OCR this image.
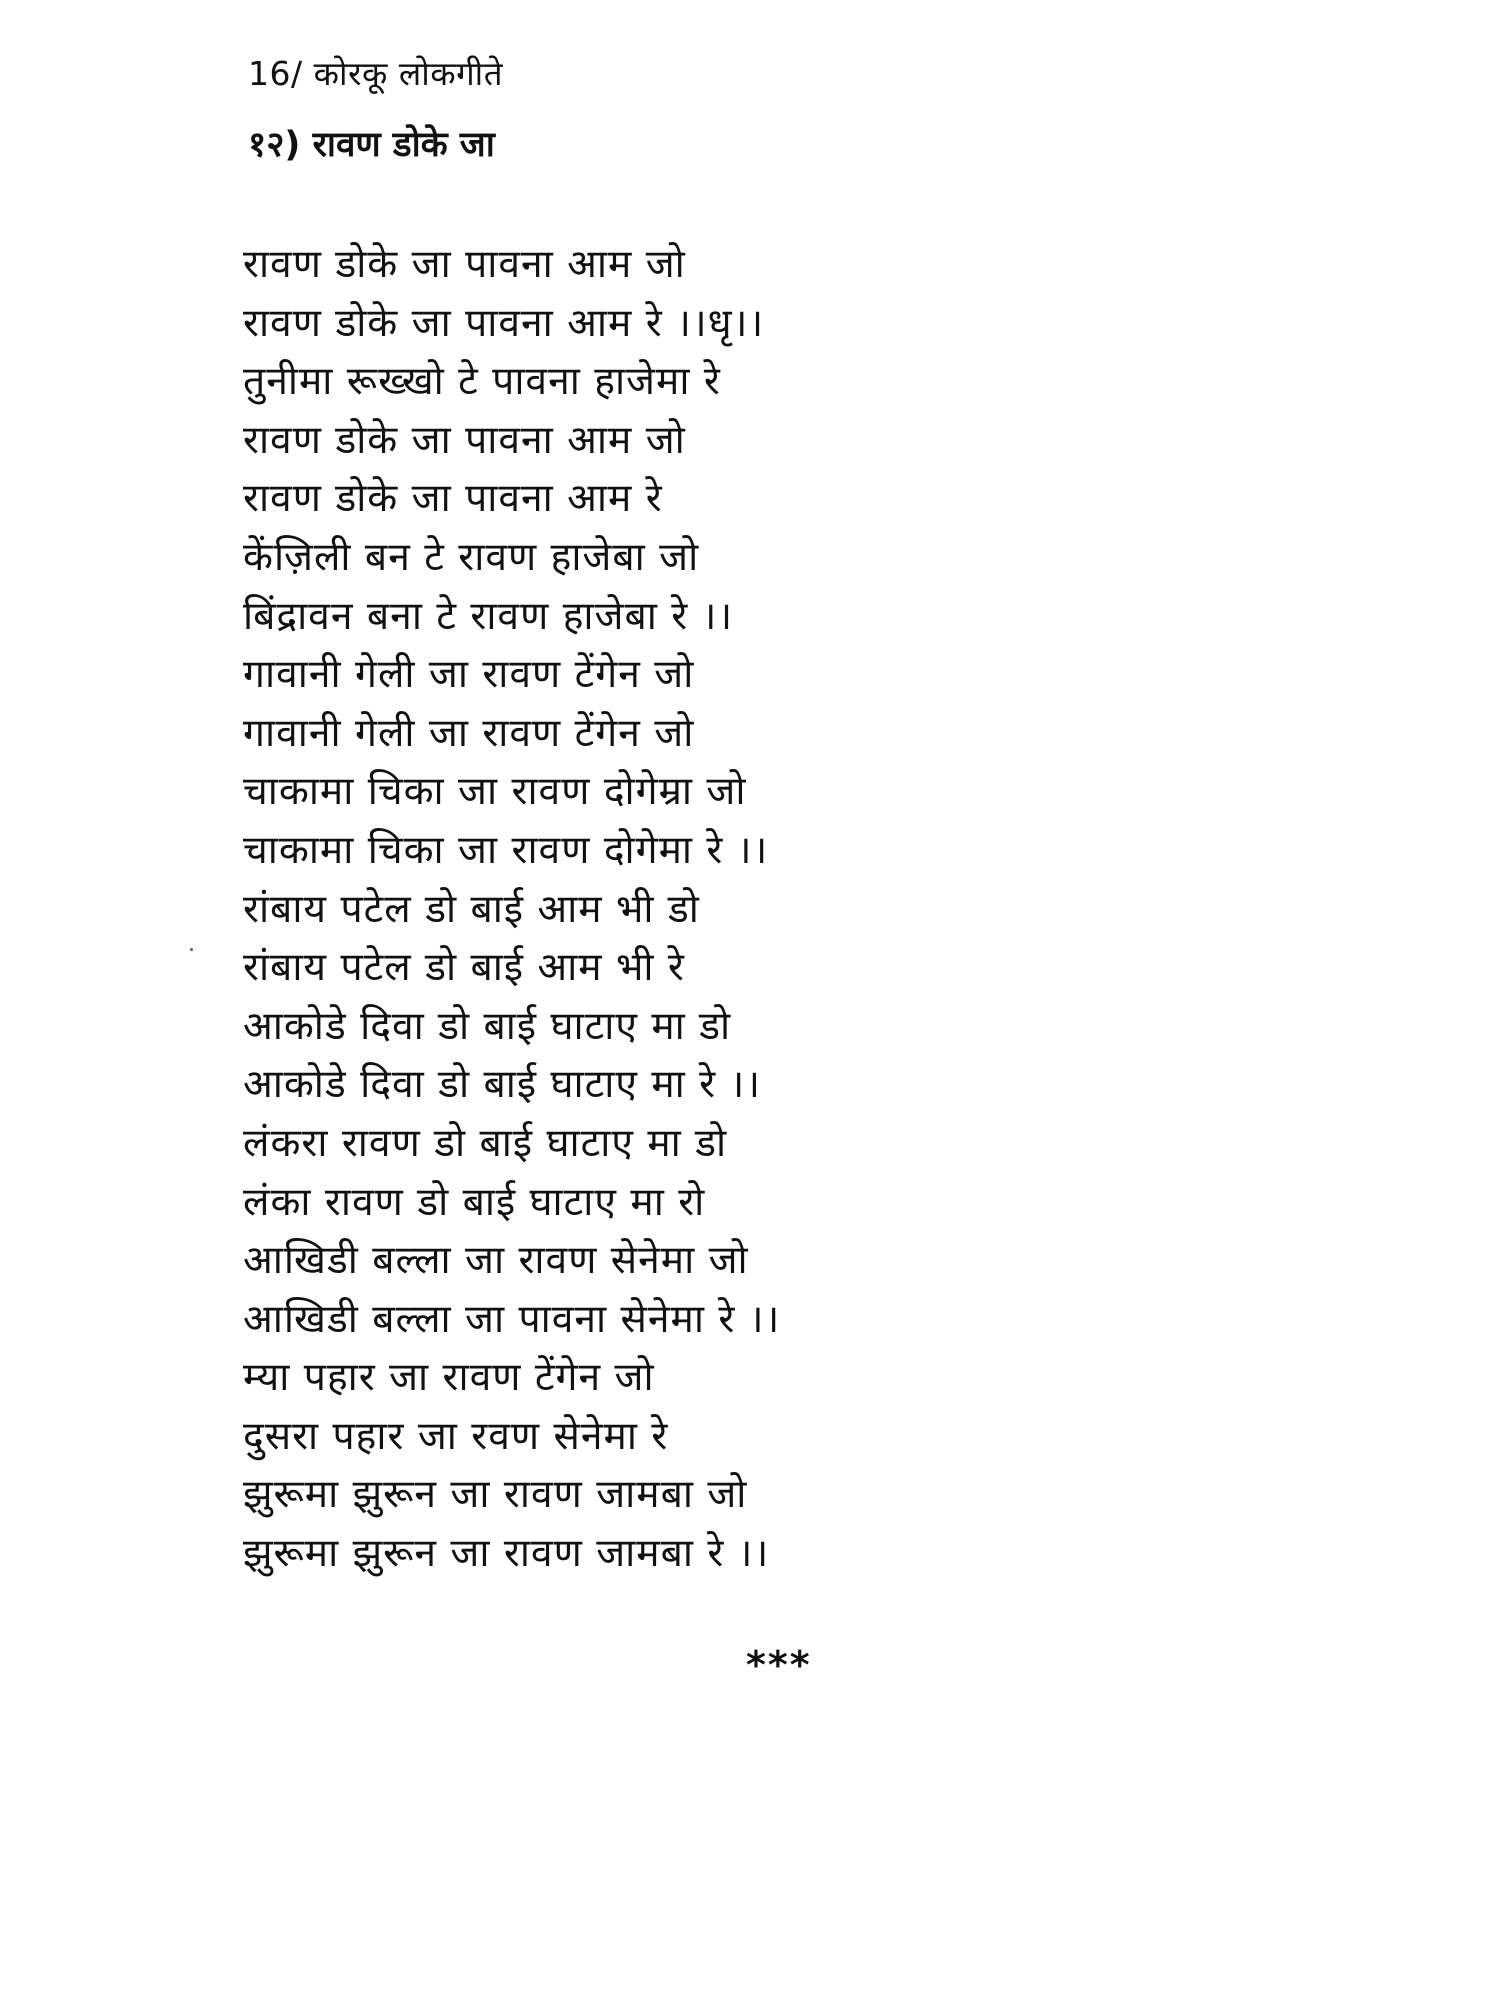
16/ कोरकू लोकगीते
१२) रावण डोके जा
रावण डोके जा पावना आम जो
रावण डोके जा पावना आम रे ।।धृ।।
तुनीमा रूख्खो टे पावना हाजेमा रे
रावण डोके जा पावना आम जो
रावण डोके जा पावना आम रे
केंज़िली बन टे रावण हाजेबा जो
बिंद्रावन बना टे रावण हाजेबा रे ।।
गावानी गेली जा रावण टेंगेन जो
गावानी गेली जा रावण टेंगेन जो
चाकामा चिका जा रावण दोगेम्रा जो
चाकामा चिका जा रावण दोगेमा रे ।।
रांबाय पटेल डो बाई आम भी डो
रांबाय पटेल डो बाई आम भी रे
आकोडे दिवा डो बाई घाटाए मा डो
आकोडे दिवा डो बाई घाटाए मा रे ।।
लंकरा रावण डो बाई घाटाए मा डो
लंका रावण डो बाई घाटाए मा रो
आखिडी बल्ला जा रावण सेनेमा जो
आखिडी बल्ला जा पावना सेनेमा रे ।।
म्या पहार जा रावण टेंगेन जो
दुसरा पहार जा रवण सेनेमा रे
झुरूमा झुरून जा रावण जामबा जो
झुरूमा झुरून जा रावण जामबा रे ।।
***
